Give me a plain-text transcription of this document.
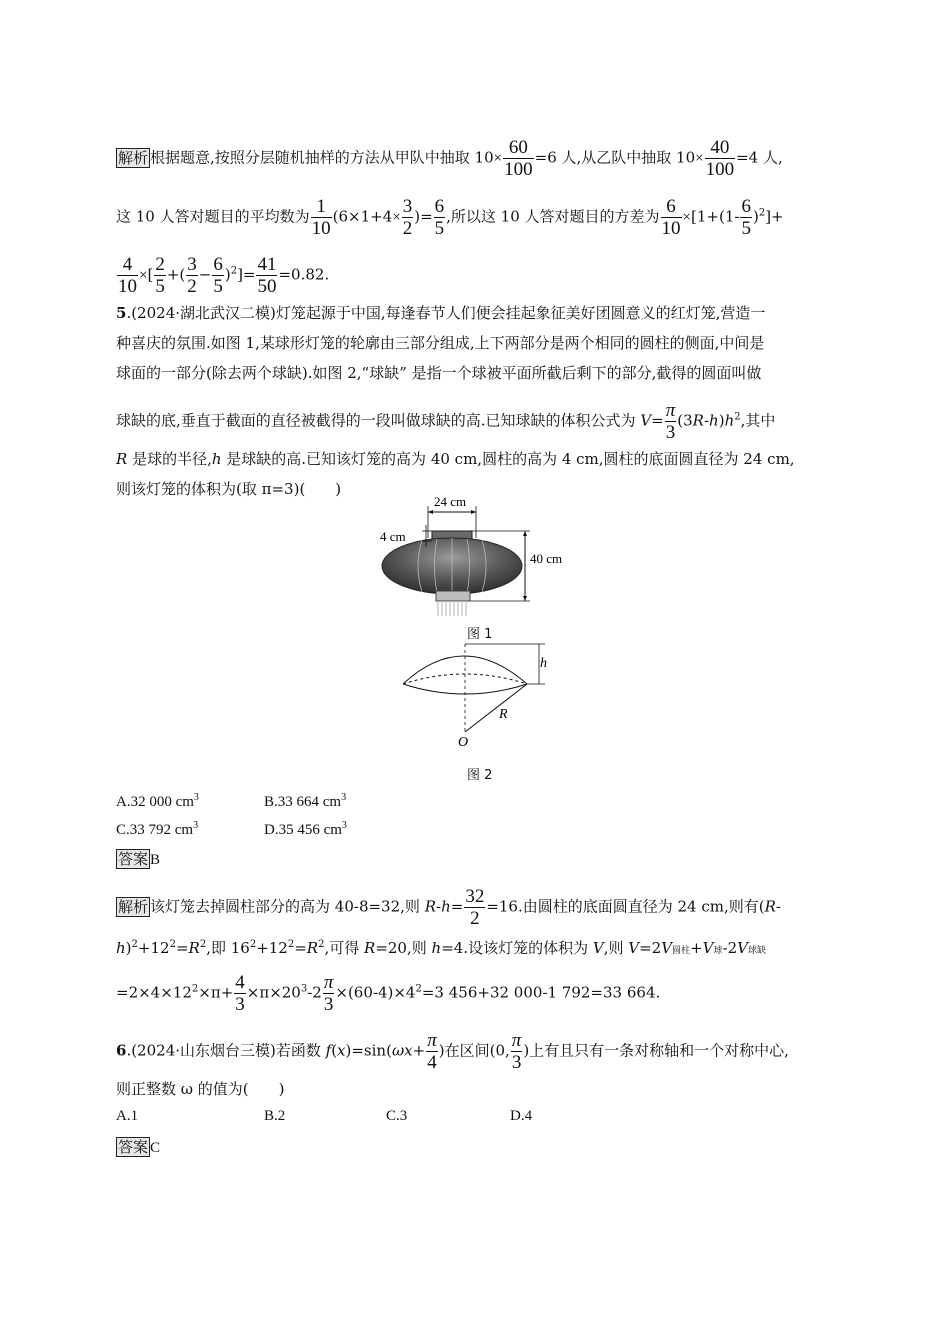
解析 根据题意,按照分层随机抽样的方法从甲队中抽取 $10\times \frac{60}{100} =6$ 人,从乙队中抽取 $10\times \frac{40}{100} =4$ 人,
这 10 人答对题目的平均数为 $\frac{1}{10} (6\times 1+4\times \frac{3}{2}$ )= $\frac{6}{5}$ ,所以这 10 人答对题目的方差为 $\frac{6}{10} \times[1+(1- \frac{6}{5} )^2]+$
$\frac{4}{10}$ ×[ $\frac{2}{5}$ +( $\frac{3}{2} - \frac{6}{5} )^2]= \frac{41}{50} =0.82$.
5.(2024·湖北武汉二模)灯笼起源于中国,每逢春节人们便会挂起象征美好团圆意义的红灯笼,营造一
种喜庆的氛围.如图 1,某球形灯笼的轮廓由三部分组成,上下两部分是两个相同的圆柱的侧面,中间是
球面的一部分(除去两个球缺).如图 2,“球缺” 是指一个球被平面所截后剩下的部分,截得的圆面叫做
球缺的底,垂直于截面的直径被截得的一段叫做球缺的高.已知球缺的体积公式为 $V= \frac{\pi}{3} (3R-h)h^2$,其中
R 是球的半径,h 是球缺的高.已知该灯笼的高为 40 cm,圆柱的高为 4 cm,圆柱的底面圆直径为 24 cm,
则该灯笼的体积为(取 π=3)(　　)
24 cm
4 cm
40 cm
图 1
h
R
O
图 2
A.32 000 $cm^3$	B.33 664 $cm^3$
C.33 792 $cm^3$	D.35 456 $cm^3$
答案 B
解析 该灯笼去掉圆柱部分的高为 40-8=32,则 $R-h= \frac{32}{2} =16$.由圆柱的底面圆直径为 24 cm,则有(R-
$h)^2+12^2=R^2$,即 $16^2+12^2=R^2$,可得 R=20,则 h=4.设该灯笼的体积为 V,则 V=2V圆柱+V球-2V球缺
$=2\times 4\times 12^2\times\pi+ \frac{4}{3} \times\pi\times 20^3-2 \frac{\pi}{3} \times(60-4)\times 4^2=3$ 456+32 000-1 792=33 664.
6.(2024·山东烟台三模)若函数 $f(x)=\sin(\omega x+ \frac{\pi}{4}$ )在区间(0, $\frac{\pi}{3}$ )上有且只有一条对称轴和一个对称中心,
则正整数 ω 的值为(　　)
A.1	B.2	C.3	D.4
答案 C
